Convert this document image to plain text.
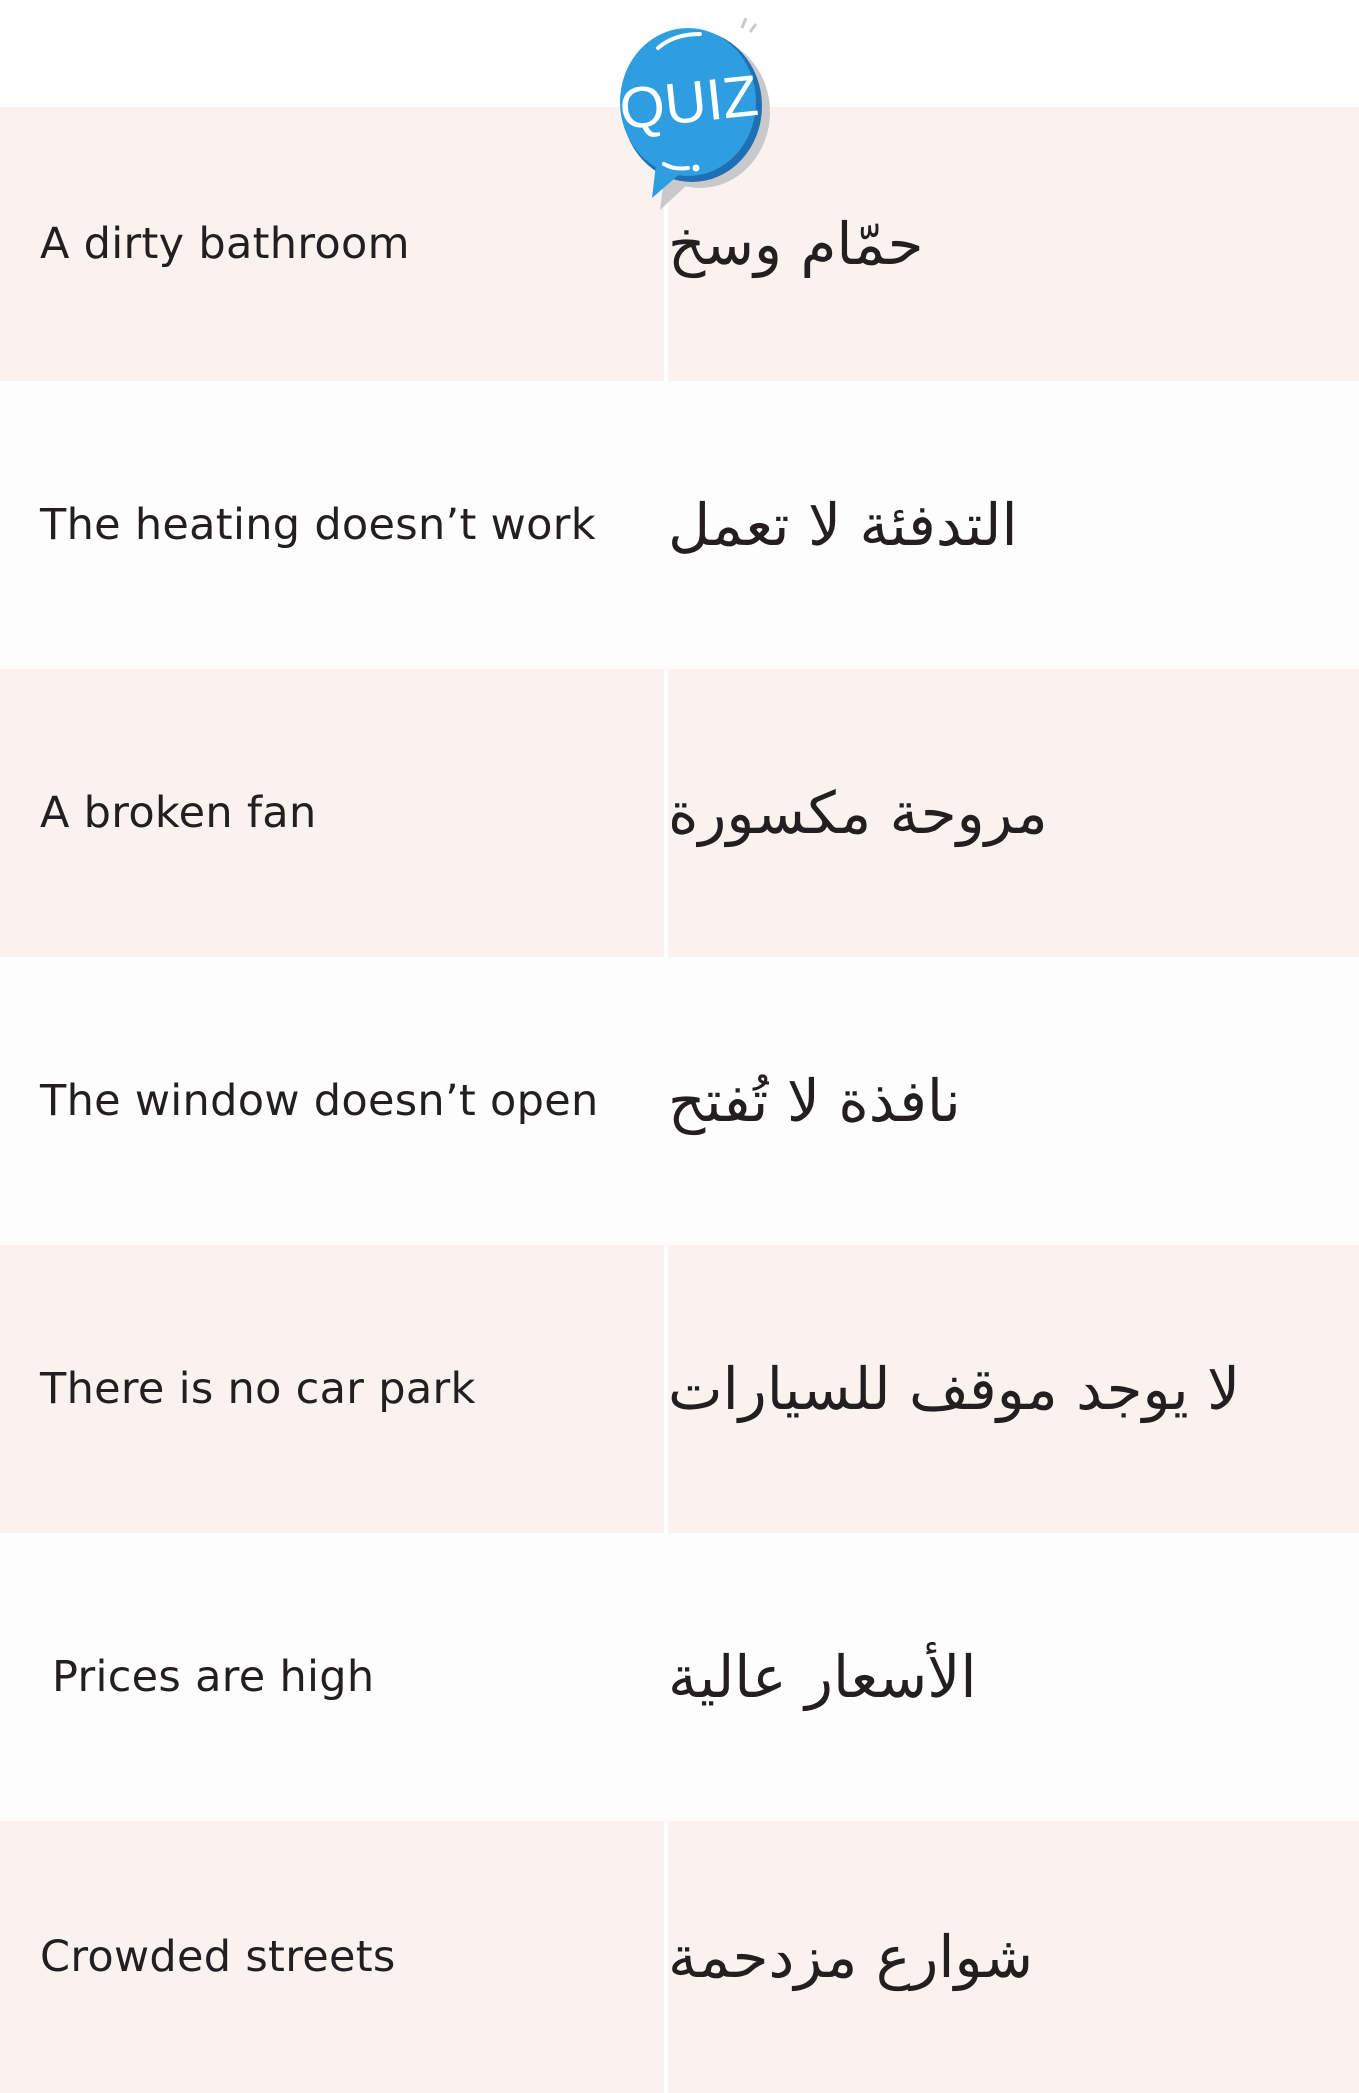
QUIZ
A dirty bathroom	حمّام وسخ
The heating doesn’t work	التدفئة لا تعمل
A broken fan	مروحة مكسورة
The window doesn’t open	نافذة لا تُفتح
There is no car park	لا يوجد موقف للسيارات
Prices are high	الأسعار عالية
Crowded streets	شوارع مزدحمة
